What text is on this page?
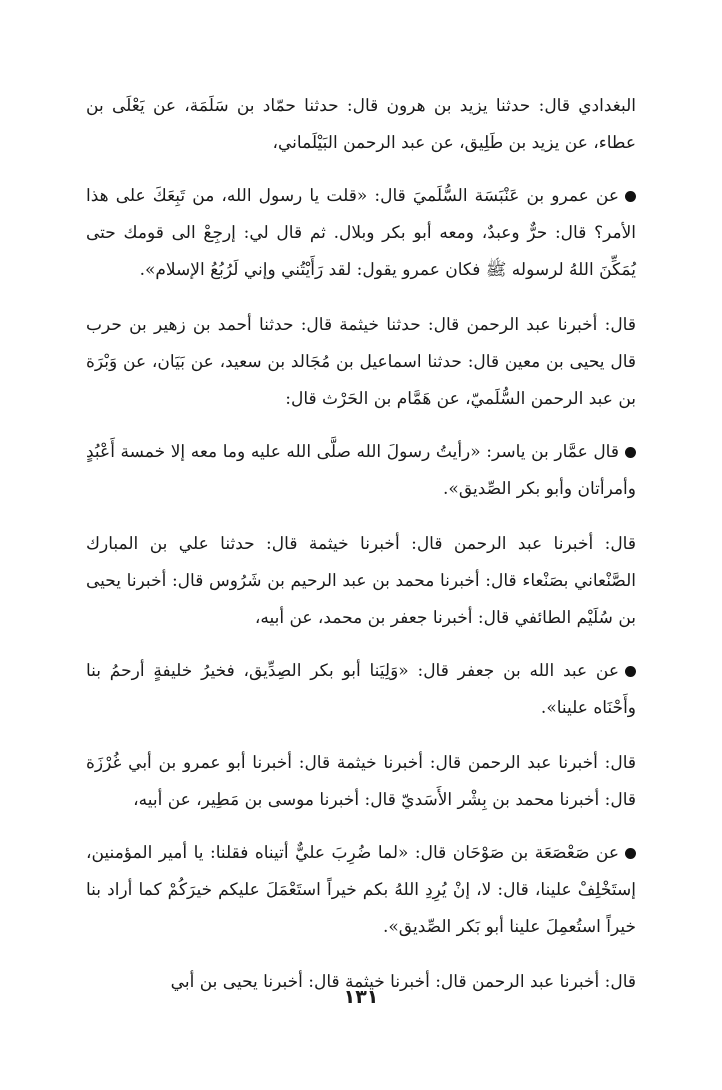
البغدادي قال: حدثنا يزيد بن هرون قال: حدثنا حمّاد بن سَلَمَة، عن يَعْلَى بن عطاء، عن يزيد بن طَلِيق، عن عبد الرحمن البَيْلَماني،

عن عمرو بن عَنْبَسَة السُّلَميَ قال: «قلت يا رسول الله، من تَبِعَكَ على هذا الأمر؟ قال: حرٌّ وعبدٌ، ومعه أبو بكر وبلال. ثم قال لي: إرجِعْ الى قومك حتى يُمَكِّنَ اللهُ لرسوله ﷺ فكان عمرو يقول: لقد رَأَيْتُني وإني لَرُبُعُ الإسلام».

قال: أخبرنا عبد الرحمن قال: حدثنا خيثمة قال: حدثنا أحمد بن زهير بن حرب قال يحيى بن معين قال: حدثنا اسماعيل بن مُجَالد بن سعيد، عن بَيَان، عن وَبْرَة بن عبد الرحمن السُّلَميّ، عن هَمَّام بن الحَرْث قال:

قال عمَّار بن ياسر: «رأيتُ رسولَ الله صلَّى الله عليه وما معه إلا خمسة أَعْبُدٍ وأمرأتان وأبو بكر الصِّديق».

قال: أخبرنا عبد الرحمن قال: أخبرنا خيثمة قال: حدثنا علي بن المبارك الصَّنْعاني بصَنْعاء قال: أخبرنا محمد بن عبد الرحيم بن شَرُوس قال: أخبرنا يحيى بن سُلَيْم الطائفي قال: أخبرنا جعفر بن محمد، عن أبيه،

عن عبد الله بن جعفر قال: «وَلِيَنا أبو بكر الصِدِّيق، فخيرُ خليفةٍ أرحمُ بنا وأَحْنَاه علينا».

قال: أخبرنا عبد الرحمن قال: أخبرنا خيثمة قال: أخبرنا أبو عمرو بن أبي غُرْزَة قال: أخبرنا محمد بن بِشْر الأَسَديّ قال: أخبرنا موسى بن مَطِير، عن أبيه،

عن صَعْصَعَة بن صَوْحَان قال: «لما ضُرِبَ عليٌّ أتيناه فقلنا: يا أمير المؤمنين، إستَخْلِفْ علينا، قال: لا، إنْ يُرِدِ اللهُ بكم خيراً استَعْمَلَ عليكم خيرَكُمْ كما أراد بنا خيراً استُعمِلَ علينا أبو بَكر الصِّديق».

قال: أخبرنا عبد الرحمن قال: أخبرنا خيثمة قال: أخبرنا يحيى بن أبي

١٣١
